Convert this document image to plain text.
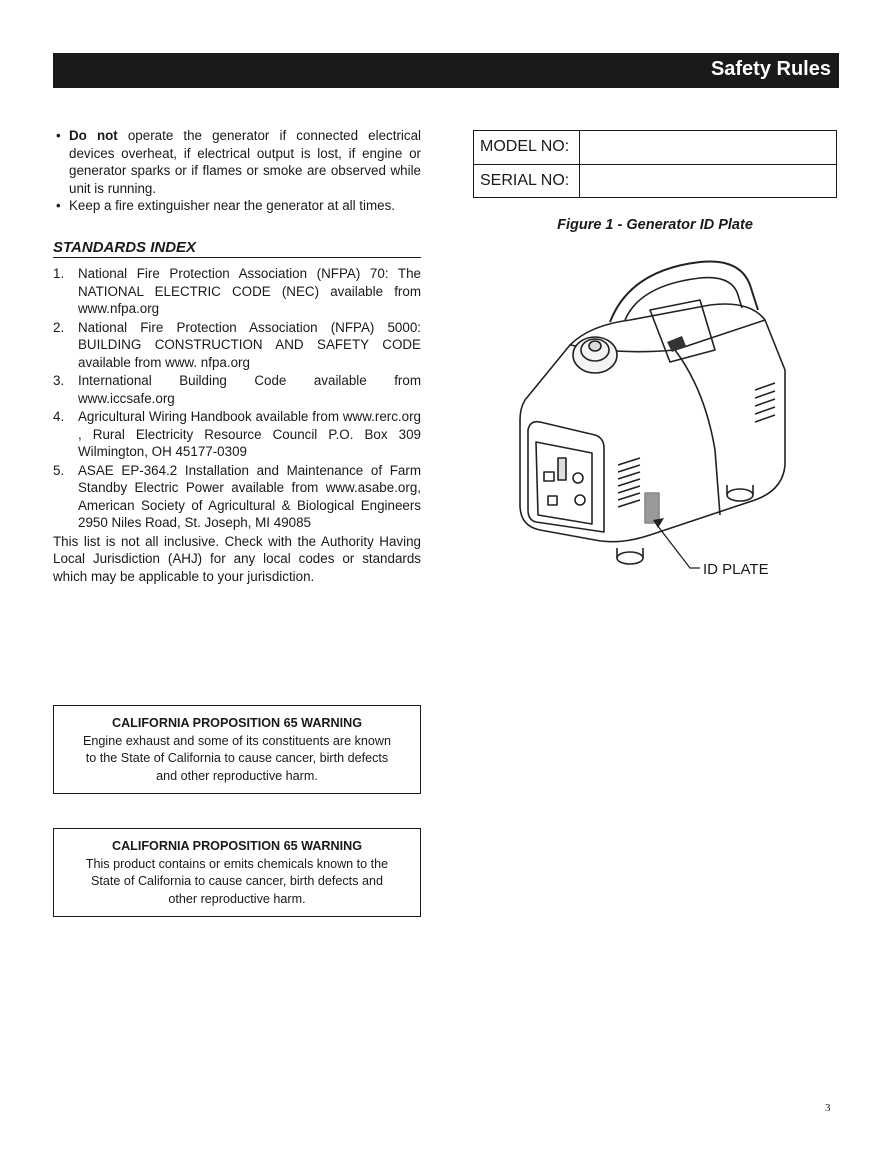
Safety Rules
• Do not operate the generator if connected electrical devices overheat, if electrical output is lost, if engine or generator sparks or if flames or smoke are observed while unit is running.
• Keep a fire extinguisher near the generator at all times.
STANDARDS INDEX
1. National Fire Protection Association (NFPA) 70: The NATIONAL ELECTRIC CODE (NEC) available from www.nfpa.org
2. National Fire Protection Association (NFPA) 5000: BUILDING CONSTRUCTION AND SAFETY CODE available from www. nfpa.org
3. International Building Code available from www.iccsafe.org
4. Agricultural Wiring Handbook available from www.rerc.org , Rural Electricity Resource Council P.O. Box 309 Wilmington, OH 45177-0309
5. ASAE EP-364.2 Installation and Maintenance of Farm Standby Electric Power available from www.asabe.org, American Society of Agricultural & Biological Engineers 2950 Niles Road, St. Joseph, MI 49085
This list is not all inclusive. Check with the Authority Having Local Jurisdiction (AHJ) for any local codes or standards which may be applicable to your jurisdiction.
CALIFORNIA PROPOSITION 65 WARNING
Engine exhaust and some of its constituents are known to the State of California to cause cancer, birth defects and other reproductive harm.
CALIFORNIA PROPOSITION 65 WARNING
This product contains or emits chemicals known to the State of California to cause cancer, birth defects and other reproductive harm.
MODEL NO:
SERIAL NO:
Figure 1 - Generator ID Plate
ID PLATE
3
